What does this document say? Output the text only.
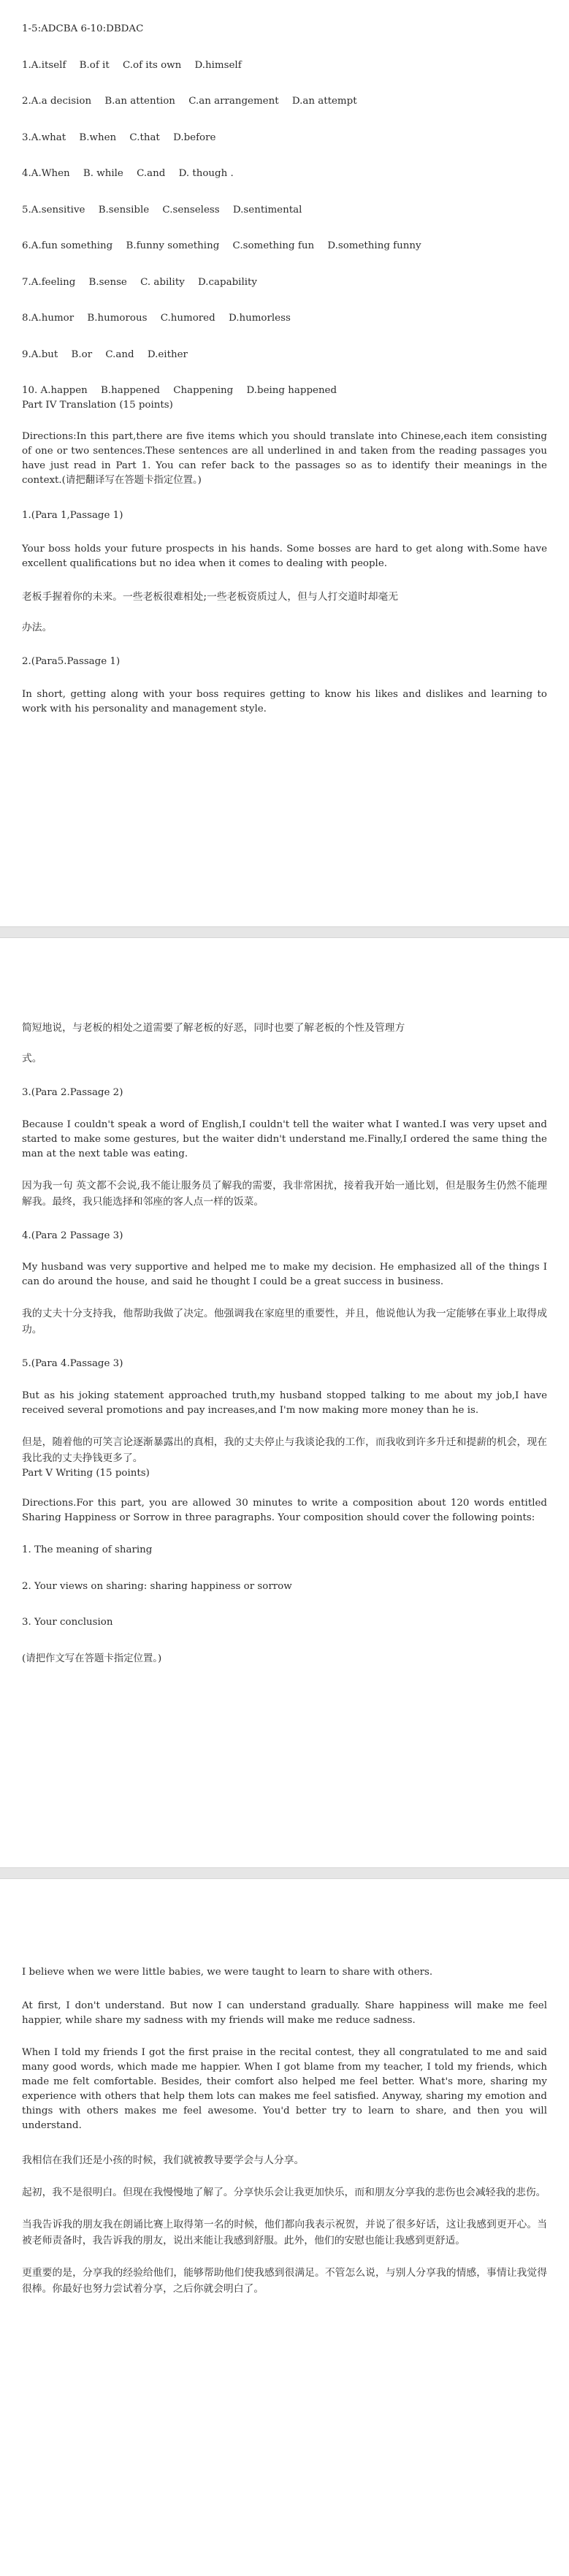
1-5:ADCBA 6-10:DBDAC
1.A.itself B.of it C.of its own D.himself
2.A.a decision B.an attention C.an arrangement D.an attempt
3.A.what B.when C.that D.before
4.A.When B. while C.and D. though .
5.A.sensitive B.sensible C.senseless D.sentimental
6.A.fun something B.funny something C.something fun D.something funny
7.A.feeling B.sense C. ability D.capability
8.A.humor B.humorous C.humored D.humorless
9.A.but B.or C.and D.either
10. A.happen B.happened Chappening D.being happened
Part IV Translation (15 points)
Directions:In this part,there are five items which you should translate into Chinese,each item consisting of one or two sentences.These sentences are all underlined in and taken from the reading passages you have just read in Part 1. You can refer back to the passages so as to identify their meanings in the context.(请把翻译写在答题卡指定位置。)
1.(Para 1,Passage 1)
Your boss holds your future prospects in his hands. Some bosses are hard to get along with.Some have excellent qualifications but no idea when it comes to dealing with people.
老板手握着你的未来。一些老板很难相处;一些老板资质过人，但与人打交道时却毫无
办法。
2.(Para5.Passage 1)
In short, getting along with your boss requires getting to know his likes and dislikes and learning to work with his personality and management style.
简短地说，与老板的相处之道需要了解老板的好恶，同时也要了解老板的个性及管理方
式。
3.(Para 2.Passage 2)
Because I couldn't speak a word of English,I couldn't tell the waiter what I wanted.I was very upset and started to make some gestures, but the waiter didn't understand me.Finally,I ordered the same thing the man at the next table was eating.
因为我一句 英文都不会说,我不能让服务员了解我的需要，我非常困扰，接着我开始一通比划，但是服务生仍然不能理解我。最终，我只能选择和邻座的客人点一样的饭菜。
4.(Para 2 Passage 3)
My husband was very supportive and helped me to make my decision. He emphasized all of the things I can do around the house, and said he thought I could be a great success in business.
我的丈夫十分支持我，他帮助我做了决定。他强调我在家庭里的重要性，并且，他说他认为我一定能够在事业上取得成功。
5.(Para 4.Passage 3)
But as his joking statement approached truth,my husband stopped talking to me about my job,I have received several promotions and pay increases,and I'm now making more money than he is.
但是，随着他的可笑言论逐渐暴露出的真相，我的丈夫停止与我谈论我的工作，而我收到许多升迁和提薪的机会，现在我比我的丈夫挣钱更多了。
Part V Writing (15 points)
Directions.For this part, you are allowed 30 minutes to write a composition about 120 words entitled Sharing Happiness or Sorrow in three paragraphs. Your composition should cover the following points:
1. The meaning of sharing
2. Your views on sharing: sharing happiness or sorrow
3. Your conclusion
(请把作文写在答题卡指定位置。)
I believe when we were little babies, we were taught to learn to share with others.
At first, I don't understand. But now I can understand gradually. Share happiness will make me feel happier, while share my sadness with my friends will make me reduce sadness.
When I told my friends I got the first praise in the recital contest, they all congratulated to me and said many good words, which made me happier. When I got blame from my teacher, I told my friends, which made me felt comfortable. Besides, their comfort also helped me feel better. What's more, sharing my experience with others that help them lots can makes me feel satisfied. Anyway, sharing my emotion and things with others makes me feel awesome. You'd better try to learn to share, and then you will understand.
我相信在我们还是小孩的时候，我们就被教导要学会与人分享。
起初，我不是很明白。但现在我慢慢地了解了。分享快乐会让我更加快乐，而和朋友分享我的悲伤也会减轻我的悲伤。
当我告诉我的朋友我在朗诵比赛上取得第一名的时候，他们都向我表示祝贺，并说了很多好话，这让我感到更开心。当被老师责备时，我告诉我的朋友，说出来能让我感到舒服。此外，他们的安慰也能让我感到更舒适。
更重要的是，分享我的经验给他们，能够帮助他们使我感到很满足。不管怎么说，与别人分享我的情感，事情让我觉得很棒。你最好也努力尝试着分享，之后你就会明白了。
